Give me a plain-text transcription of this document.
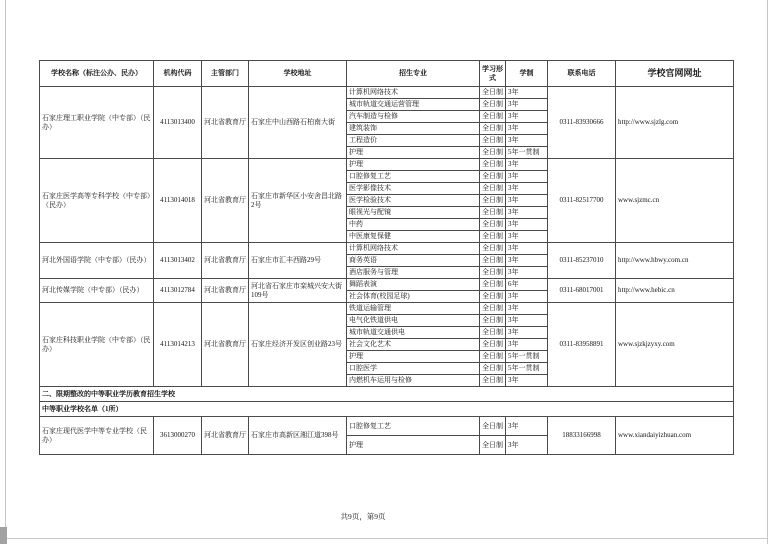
学校名称（标注公办、民办）	机构代码	主管部门	学校地址	招生专业	学习形式	学制	联系电话	学校官网网址
石家庄理工职业学院（中专部）（民办）	4113013400	河北省教育厅	石家庄中山西路石柏南大街	计算机网络技术	全日制	3年	0311-83930666	http://www.sjzlg.com
				城市轨道交通运营管理	全日制	3年		
				汽车制造与检修	全日制	3年		
				建筑装饰	全日制	3年		
				工程造价	全日制	3年		
				护理	全日制	5年一贯制		
石家庄医学高等专科学校（中专部）（民办）	4113014018	河北省教育厅	石家庄市新华区小安舍昌北路2号	护理	全日制	3年	0311-82517700	www.sjzmc.cn
				口腔修复工艺	全日制	3年		
				医学影像技术	全日制	3年		
				医学检验技术	全日制	3年		
				眼视光与配镜	全日制	3年		
				中药	全日制	3年		
				中医康复保健	全日制	3年		
河北外国语学院（中专部）（民办）	4113013402	河北省教育厅	石家庄市汇丰西路29号	计算机网络技术	全日制	3年	0311-85237010	http://www.hbwy.com.cn
				商务英语	全日制	3年		
				酒店服务与管理	全日制	3年		
河北传媒学院（中专部）（民办）	4113012784	河北省教育厅	河北省石家庄市栾城兴安大街109号	舞蹈表演	全日制	6年	0311-68017001	http://www.hebic.cn
				社会体育(校园足球)	全日制	3年		
石家庄科技职业学院（中专部）（民办）	4113014213	河北省教育厅	石家庄经济开发区创业路23号	铁道运输管理	全日制	3年	0311-83958891	www.sjzkjzyxy.com
				电气化铁道供电	全日制	3年		
				城市轨道交通供电	全日制	3年		
				社会文化艺术	全日制	3年		
				护理	全日制	5年一贯制		
				口腔医学	全日制	5年一贯制		
				内燃机车运用与检修	全日制	3年		
二、限期整改的中等职业学历教育招生学校								
中等职业学校名单（1所）								
石家庄现代医学中等专业学校（民办）	3613000270	河北省教育厅	石家庄市高新区湘江道398号	口腔修复工艺	全日制	3年	18833166998	www.xiandaiyizhuan.com
				护理	全日制	3年		
共9页，第9页
